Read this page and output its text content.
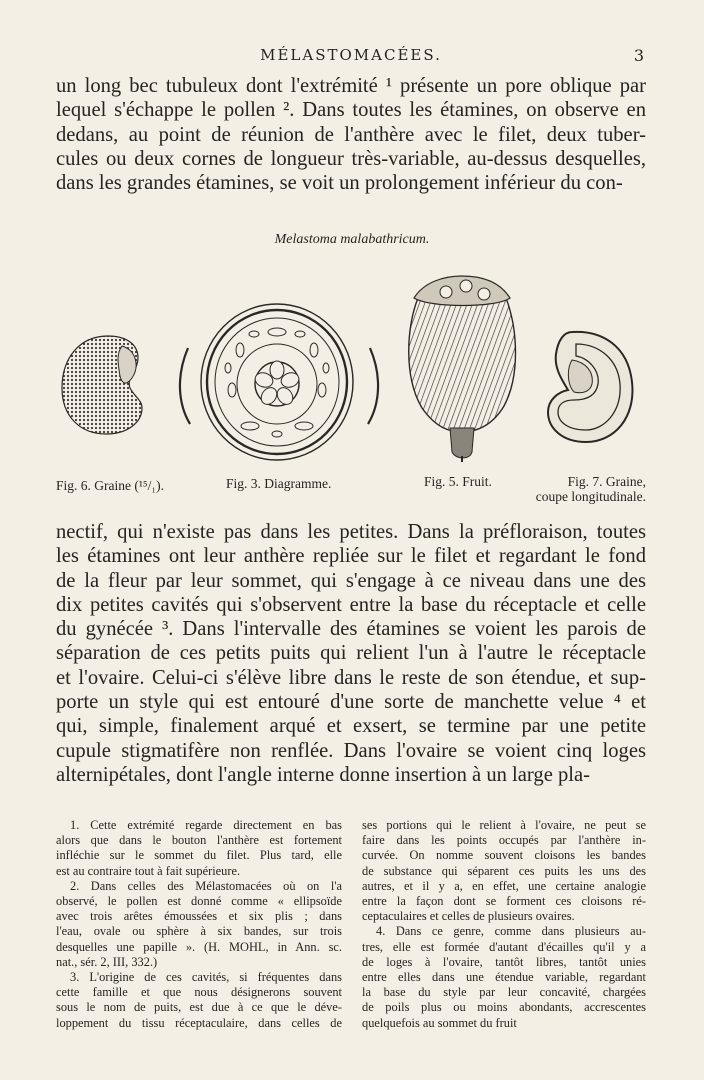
MÉLASTOMACÉES.	3
un long bec tubuleux dont l'extrémité ¹ présente un pore oblique par
lequel s'échappe le pollen ². Dans toutes les étamines, on observe en
dedans, au point de réunion de l'anthère avec le filet, deux tuber-
cules ou deux cornes de longueur très-variable, au-dessus desquelles,
dans les grandes étamines, se voit un prolongement inférieur du con-
Melastoma malabathricum.
Fig. 6. Graine (¹⁵/₁).	Fig. 3. Diagramme.	Fig. 5. Fruit.	Fig. 7. Graine,
coupe longitudinale.
nectif, qui n'existe pas dans les petites. Dans la préfloraison, toutes
les étamines ont leur anthère repliée sur le filet et regardant le fond
de la fleur par leur sommet, qui s'engage à ce niveau dans une des
dix petites cavités qui s'observent entre la base du réceptacle et celle
du gynécée ³. Dans l'intervalle des étamines se voient les parois de
séparation de ces petits puits qui relient l'un à l'autre le réceptacle
et l'ovaire. Celui-ci s'élève libre dans le reste de son étendue, et sup-
porte un style qui est entouré d'une sorte de manchette velue ⁴ et
qui, simple, finalement arqué et exsert, se termine par une petite
cupule stigmatifère non renflée. Dans l'ovaire se voient cinq loges
alternipétales, dont l'angle interne donne insertion à un large pla-
1. Cette extrémité regarde directement en bas
alors que dans le bouton l'anthère est fortement
infléchie sur le sommet du filet. Plus tard, elle
est au contraire tout à fait supérieure.
2. Dans celles des Mélastomacées où on l'a
observé, le pollen est donné comme « ellipsoïde
avec trois arêtes émoussées et six plis ; dans
l'eau, ovale ou sphère à six bandes, sur trois
desquelles une papille ». (H. MOHL, in Ann. sc.
nat., sér. 2, III, 332.)
3. L'origine de ces cavités, si fréquentes dans
cette famille et que nous désignerons souvent
sous le nom de puits, est due à ce que le déve-
loppement du tissu réceptaculaire, dans celles de
ses portions qui le relient à l'ovaire, ne peut se
faire dans les points occupés par l'anthère in-
curvée. On nomme souvent cloisons les bandes
de substance qui séparent ces puits les uns des
autres, et il y a, en effet, une certaine analogie
entre la façon dont se forment ces cloisons ré-
ceptaculaires et celles de plusieurs ovaires.
4. Dans ce genre, comme dans plusieurs au-
tres, elle est formée d'autant d'écailles qu'il y a
de loges à l'ovaire, tantôt libres, tantôt unies
entre elles dans une étendue variable, regardant
la base du style par leur concavité, chargées
de poils plus ou moins abondants, accrescentes
quelquefois au sommet du fruit
